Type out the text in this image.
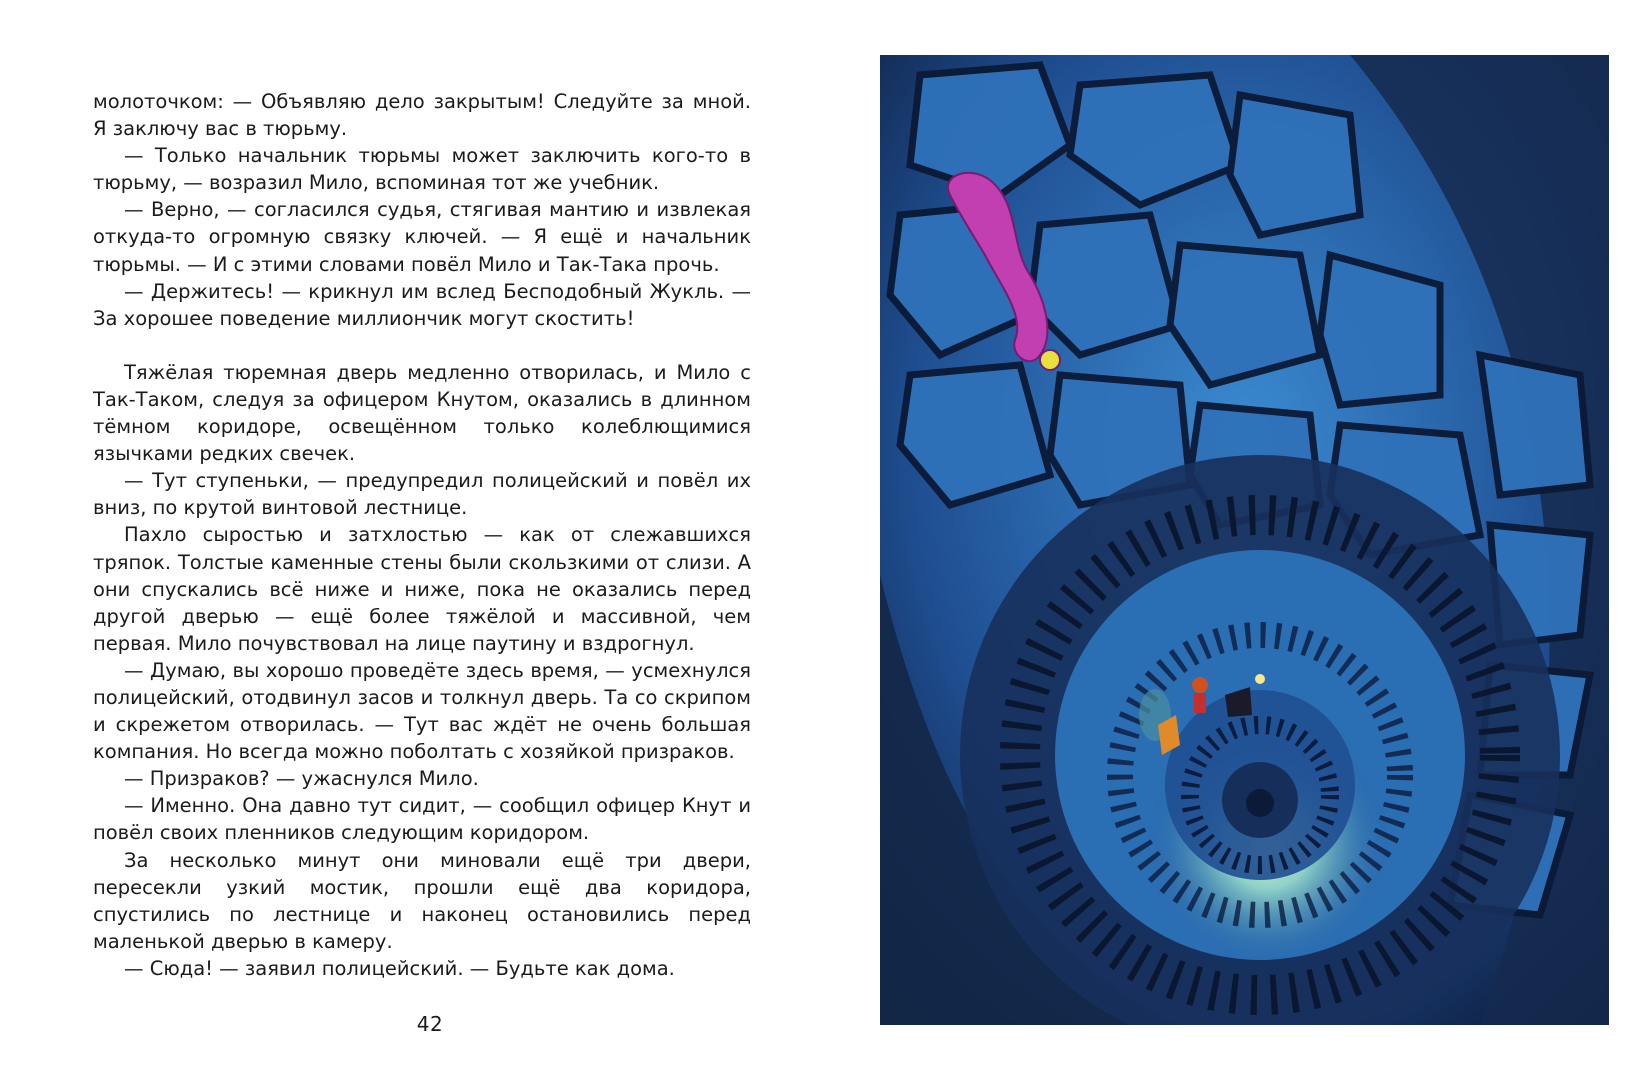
молоточком: — Объявляю дело закрытым! Следуйте за мной. Я заключу вас в тюрьму.

— Только начальник тюрьмы может заключить кого-то в тюрьму, — возразил Мило, вспоминая тот же учебник.

— Верно, — согласился судья, стягивая мантию и извлекая откуда-то огромную связку ключей. — Я ещё и начальник тюрьмы. — И с этими словами повёл Мило и Так-Така прочь.

— Держитесь! — крикнул им вслед Бесподобный Жукль. — За хорошее поведение миллиончик могут скостить!

Тяжёлая тюремная дверь медленно отворилась, и Мило с Так-Таком, следуя за офицером Кнутом, оказались в длинном тёмном коридоре, освещённом только колеблющимися язычками редких свечек.

— Тут ступеньки, — предупредил полицейский и повёл их вниз, по крутой винтовой лестнице.

Пахло сыростью и затхлостью — как от слежавшихся тряпок. Толстые каменные стены были скользкими от слизи. А они спускались всё ниже и ниже, пока не оказались перед другой дверью — ещё более тяжёлой и массивной, чем первая. Мило почувствовал на лице паутину и вздрогнул.

— Думаю, вы хорошо проведёте здесь время, — усмехнулся полицейский, отодвинул засов и толкнул дверь. Та со скрипом и скрежетом отворилась. — Тут вас ждёт не очень большая компания. Но всегда можно поболтать с хозяйкой призраков.

— Призраков? — ужаснулся Мило.

— Именно. Она давно тут сидит, — сообщил офицер Кнут и повёл своих пленников следующим коридором.

За несколько минут они миновали ещё три двери, пересекли узкий мостик, прошли ещё два коридора, спустились по лестнице и наконец остановились перед маленькой дверью в камеру.

— Сюда! — заявил полицейский. — Будьте как дома.

42
